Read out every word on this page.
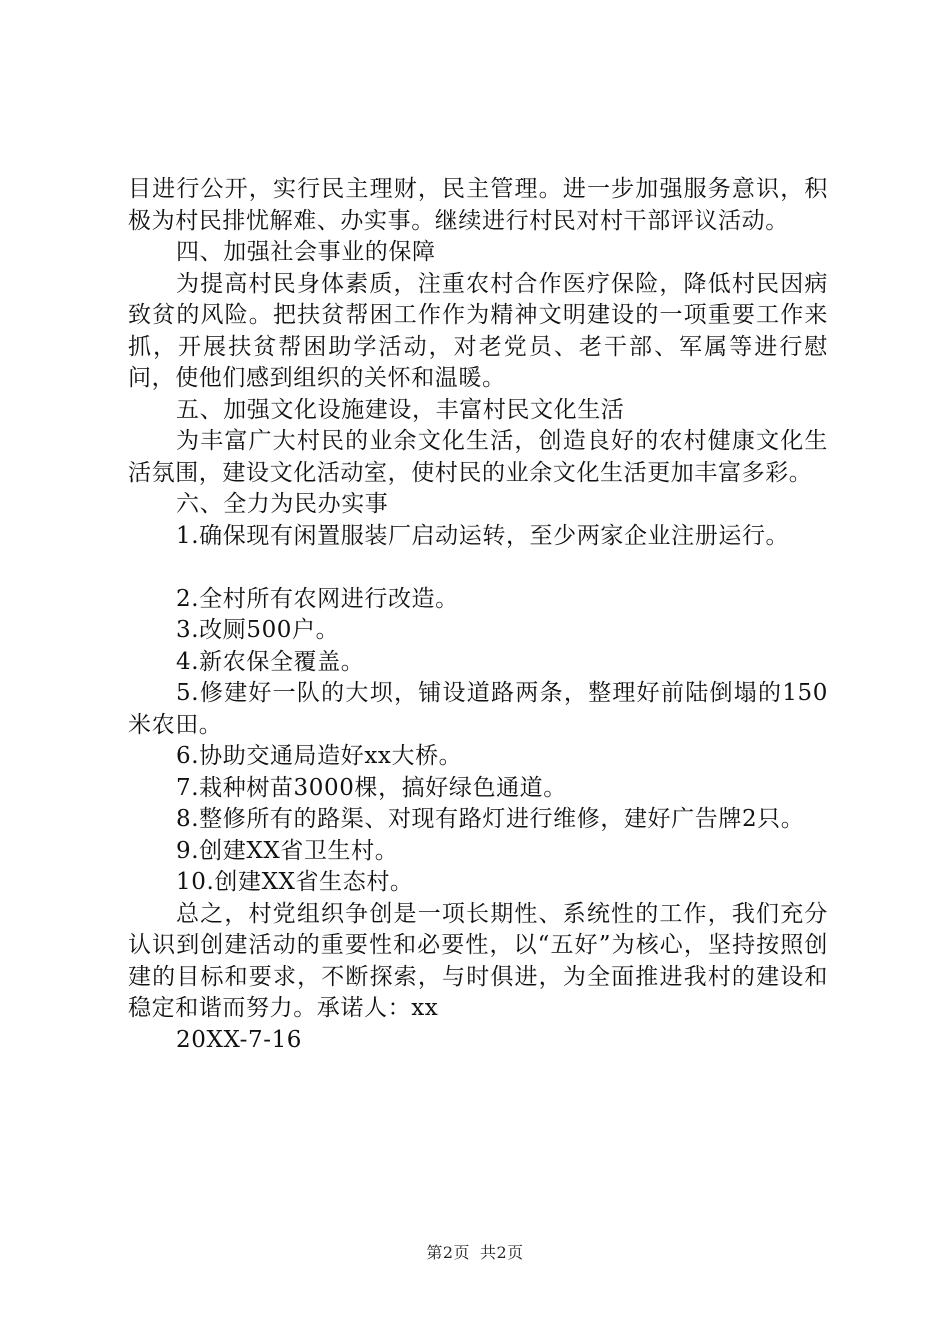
目进行公开，实行民主理财，民主管理。进一步加强服务意识，积极为村民排忧解难、办实事。继续进行村民对村干部评议活动。

四、加强社会事业的保障

为提高村民身体素质，注重农村合作医疗保险，降低村民因病致贫的风险。把扶贫帮困工作作为精神文明建设的一项重要工作来抓，开展扶贫帮困助学活动，对老党员、老干部、军属等进行慰问，使他们感到组织的关怀和温暖。

五、加强文化设施建设，丰富村民文化生活

为丰富广大村民的业余文化生活，创造良好的农村健康文化生活氛围，建设文化活动室，使村民的业余文化生活更加丰富多彩。

六、全力为民办实事

1.确保现有闲置服装厂启动运转，至少两家企业注册运行。

2.全村所有农网进行改造。

3.改厕500户。

4.新农保全覆盖。

5.修建好一队的大坝，铺设道路两条，整理好前陆倒塌的150米农田。

6.协助交通局造好xx大桥。

7.栽种树苗3000棵，搞好绿色通道。

8.整修所有的路渠、对现有路灯进行维修，建好广告牌2只。

9.创建XX省卫生村。

10.创建XX省生态村。

总之，村党组织争创是一项长期性、系统性的工作，我们充分认识到创建活动的重要性和必要性，以“五好”为核心，坚持按照创建的目标和要求，不断探索，与时俱进，为全面推进我村的建设和稳定和谐而努力。承诺人：xx

20XX-7-16

第2页 共2页
